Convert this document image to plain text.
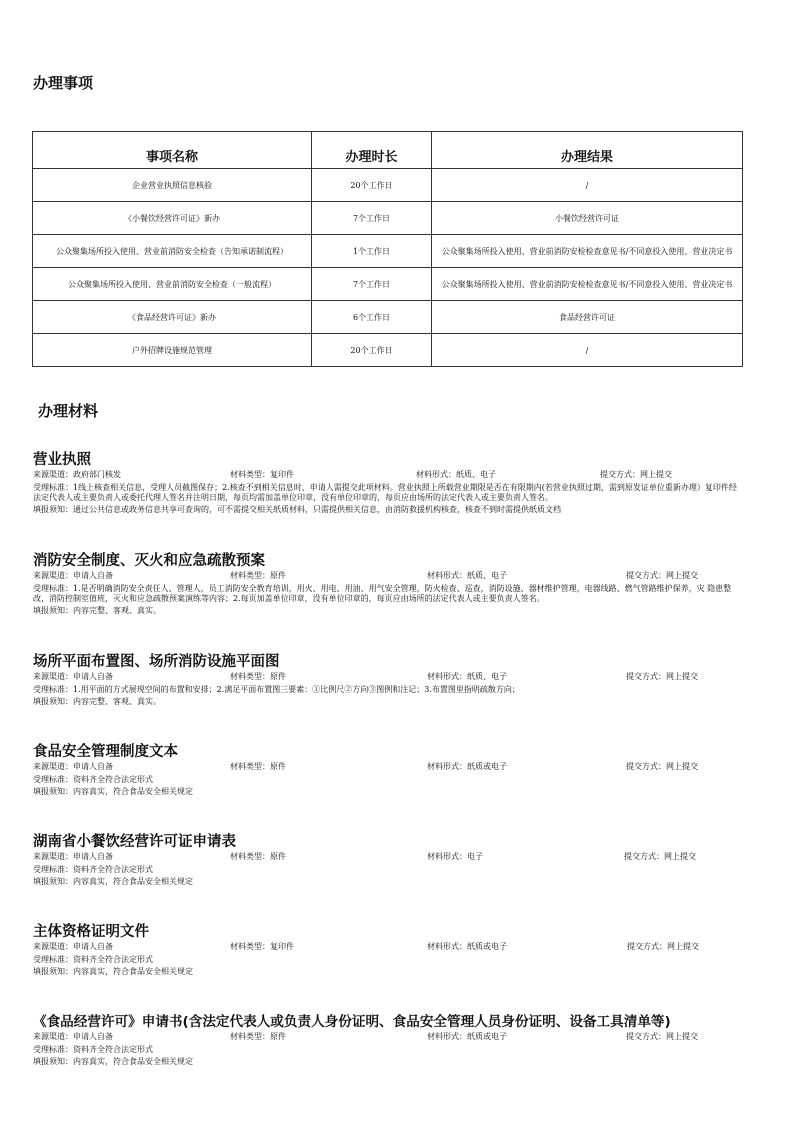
办理事项
事项名称	办理时长	办理结果
企业营业执照信息核验	20个工作日	/
《小餐饮经营许可证》新办	7个工作日	小餐饮经营许可证
公众聚集场所投入使用、营业前消防安全检查（告知承诺制流程）	1个工作日	公众聚集场所投入使用、营业前消防安检检查意见书/不同意投入使用、营业决定书
公众聚集场所投入使用、营业前消防安全检查（一般流程）	7个工作日	公众聚集场所投入使用、营业前消防安检检查意见书/不同意投入使用、营业决定书
《食品经营许可证》新办	6个工作日	食品经营许可证
户外招牌设施规范管理	20个工作日	/
办理材料
营业执照
来源渠道：政府部门核发	材料类型：复印件	材料形式：纸质、电子	提交方式：网上提交
受理标准：1线上核查相关信息，受理人员截图保存；2.核查不到相关信息时，申请人需提交此项材料。营业执照上所载营业期限是否在有限期内(若营业执照过期，需到原发证单位重新办理）复印件经法定代表人或主要负责人或委托代理人签名并注明日期，每页均需加盖单位印章，没有单位印章的，每页应由场所的法定代表人或主要负责人签名。
填报须知：通过公共信息或政务信息共享可查询的，可不需提交相关纸质材料，只需提供相关信息，由消防救援机构核查，核查不到时需提供纸质文档
消防安全制度、灭火和应急疏散预案
来源渠道：申请人自备	材料类型：原件	材料形式：纸质、电子	提交方式：网上提交
受理标准：1.是否明确消防安全责任人、管理人，员工消防安全教育培训，用火、用电、用油、用气安全管理，防火检查、巡查，消防设施、器材维护管理，电器线路、燃气管路维护保养，灾 隐患整改，消防控制室值班，灭火和应急疏散预案演练等内容；2.每页加盖单位印章，没有单位印章的，每页应由场所的法定代表人或主要负责人签名。
填报须知：内容完整、客观、真实。
场所平面布置图、场所消防设施平面图
来源渠道：申请人自备	材料类型：原件	材料形式：纸质、电子	提交方式：网上提交
受理标准：1.用平面的方式展现空间的布置和安排；2.满足平面布置图三要素：①比例尺②方向③图例和注记；3.布置图里指明疏散方向；
填报须知：内容完整、客观、真实。
食品安全管理制度文本
来源渠道：申请人自备	材料类型：原件	材料形式：纸质或电子	提交方式：网上提交
受理标准：资料齐全符合法定形式
填报须知：内容真实，符合食品安全相关规定
湖南省小餐饮经营许可证申请表
来源渠道：申请人自备	材料类型：原件	材料形式：电子	提交方式：网上提交
受理标准：资料齐全符合法定形式
填报须知：内容真实，符合食品安全相关规定
主体资格证明文件
来源渠道：申请人自备	材料类型：复印件	材料形式：纸质或电子	提交方式：网上提交
受理标准：资料齐全符合法定形式
填报须知：内容真实，符合食品安全相关规定
《食品经营许可》申请书(含法定代表人或负责人身份证明、食品安全管理人员身份证明、设备工具清单等)
来源渠道：申请人自备	材料类型：原件	材料形式：纸质或电子	提交方式：网上提交
受理标准：资料齐全符合法定形式
填报须知：内容真实，符合食品安全相关规定
